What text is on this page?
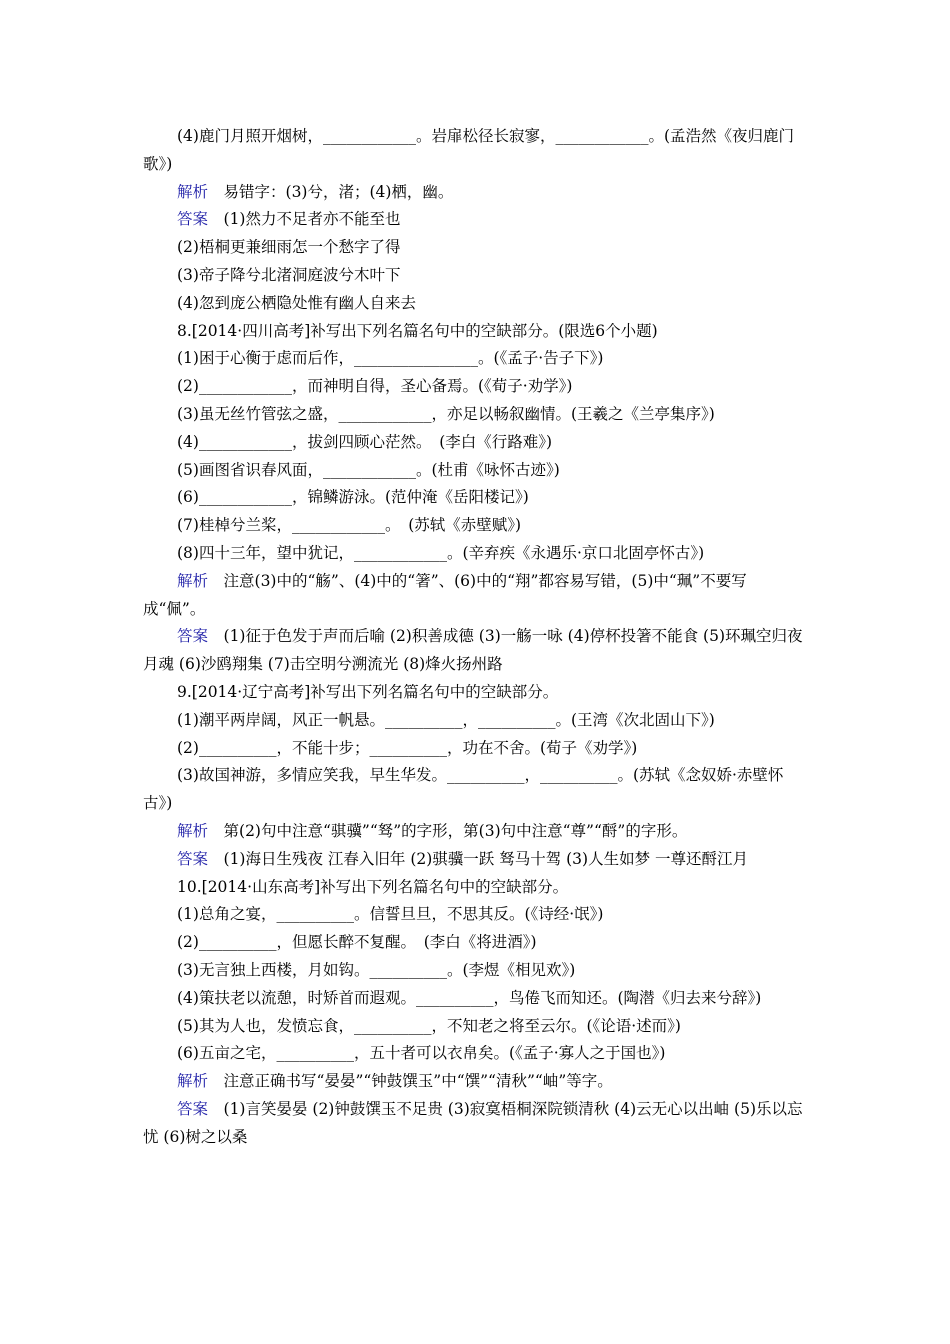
(4)鹿门月照开烟树，____________。岩扉松径长寂寥，____________。(孟浩然《夜归鹿门歌》)

解析　易错字：(3)兮，渚；(4)栖，幽。

答案　(1)然力不足者亦不能至也

(2)梧桐更兼细雨怎一个愁字了得

(3)帝子降兮北渚洞庭波兮木叶下

(4)忽到庞公栖隐处惟有幽人自来去

8.[2014·四川高考]补写出下列名篇名句中的空缺部分。(限选6个小题)

(1)困于心衡于虑而后作，________________。(《孟子·告子下》)

(2)____________，而神明自得，圣心备焉。(《荀子·劝学》)

(3)虽无丝竹管弦之盛，____________，亦足以畅叙幽情。(王羲之《兰亭集序》)

(4)____________，拔剑四顾心茫然。　(李白《行路难》)

(5)画图省识春风面，____________。(杜甫《咏怀古迹》)

(6)____________，锦鳞游泳。(范仲淹《岳阳楼记》)

(7)桂棹兮兰桨，____________。　(苏轼《赤壁赋》)

(8)四十三年，望中犹记，____________。(辛弃疾《永遇乐·京口北固亭怀古》)

解析　注意(3)中的“觞”、(4)中的“箸”、(6)中的“翔”都容易写错，(5)中“珮”不要写成“佩”。

答案　(1)征于色发于声而后喻 (2)积善成德 (3)一觞一咏 (4)停杯投箸不能食 (5)环珮空归夜月魂 (6)沙鸥翔集 (7)击空明兮溯流光 (8)烽火扬州路

9.[2014·辽宁高考]补写出下列名篇名句中的空缺部分。

(1)潮平两岸阔，风正一帆悬。__________，__________。(王湾《次北固山下》)

(2)__________，不能十步；__________，功在不舍。(荀子《劝学》)

(3)故国神游，多情应笑我，早生华发。__________，__________。(苏轼《念奴娇·赤壁怀古》)

解析　第(2)句中注意“骐骥”“驽”的字形，第(3)句中注意“尊”“酹”的字形。

答案　(1)海日生残夜 江春入旧年 (2)骐骥一跃 驽马十驾 (3)人生如梦 一尊还酹江月

10.[2014·山东高考]补写出下列名篇名句中的空缺部分。

(1)总角之宴，__________。信誓旦旦，不思其反。(《诗经·氓》)

(2)__________，但愿长醉不复醒。　(李白《将进酒》)

(3)无言独上西楼，月如钩。__________。(李煜《相见欢》)

(4)策扶老以流憩，时矫首而遐观。__________，鸟倦飞而知还。(陶潜《归去来兮辞》)

(5)其为人也，发愤忘食，__________，不知老之将至云尔。(《论语·述而》)

(6)五亩之宅，__________，五十者可以衣帛矣。(《孟子·寡人之于国也》)

解析　注意正确书写“晏晏”“钟鼓馔玉”中“馔”“清秋”“岫”等字。

答案　(1)言笑晏晏 (2)钟鼓馔玉不足贵 (3)寂寞梧桐深院锁清秋 (4)云无心以出岫 (5)乐以忘忧 (6)树之以桑
